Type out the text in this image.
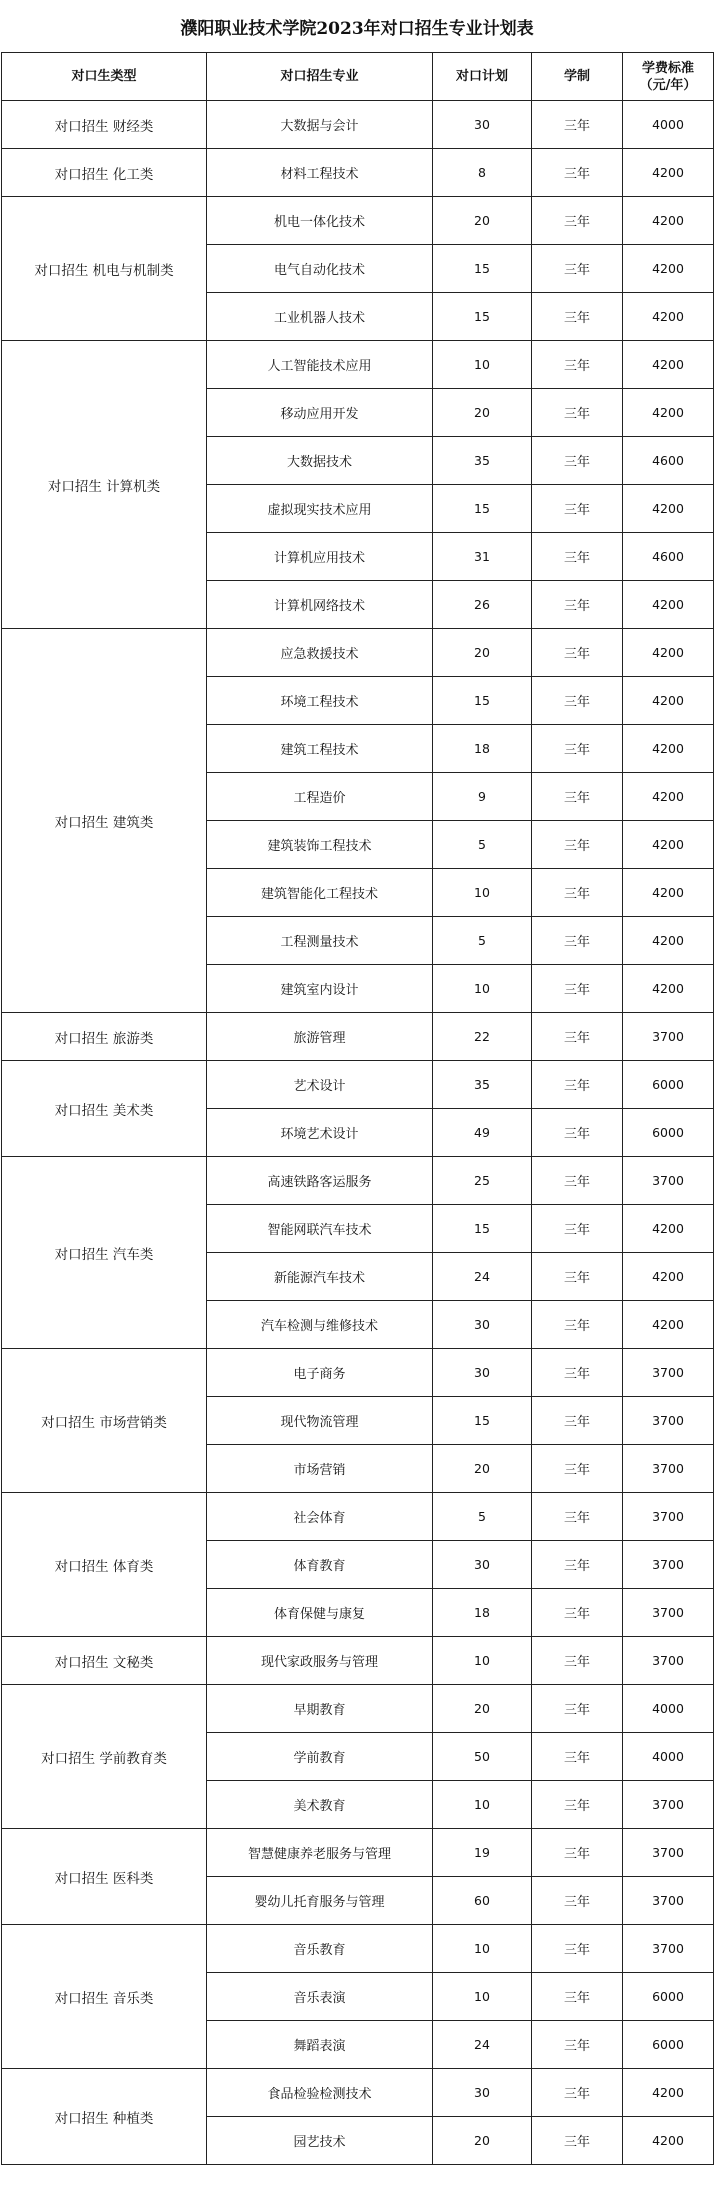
濮阳职业技术学院2023年对口招生专业计划表
对口生类型	对口招生专业	对口计划	学制	学费标准
（元/年）

对口招生 财经类	大数据与会计	30	三年	4000
对口招生 化工类	材料工程技术	8	三年	4200
对口招生 机电与机制类	机电一体化技术	20	三年	4200
	电气自动化技术	15	三年	4200
	工业机器人技术	15	三年	4200
对口招生 计算机类	人工智能技术应用	10	三年	4200
	移动应用开发	20	三年	4200
	大数据技术	35	三年	4600
	虚拟现实技术应用	15	三年	4200
	计算机应用技术	31	三年	4600
	计算机网络技术	26	三年	4200
对口招生 建筑类	应急救援技术	20	三年	4200
	环境工程技术	15	三年	4200
	建筑工程技术	18	三年	4200
	工程造价	9	三年	4200
	建筑装饰工程技术	5	三年	4200
	建筑智能化工程技术	10	三年	4200
	工程测量技术	5	三年	4200
	建筑室内设计	10	三年	4200
对口招生 旅游类	旅游管理	22	三年	3700
对口招生 美术类	艺术设计	35	三年	6000
	环境艺术设计	49	三年	6000
对口招生 汽车类	高速铁路客运服务	25	三年	3700
	智能网联汽车技术	15	三年	4200
	新能源汽车技术	24	三年	4200
	汽车检测与维修技术	30	三年	4200
对口招生 市场营销类	电子商务	30	三年	3700
	现代物流管理	15	三年	3700
	市场营销	20	三年	3700
对口招生 体育类	社会体育	5	三年	3700
	体育教育	30	三年	3700
	体育保健与康复	18	三年	3700
对口招生 文秘类	现代家政服务与管理	10	三年	3700
对口招生 学前教育类	早期教育	20	三年	4000
	学前教育	50	三年	4000
	美术教育	10	三年	3700
对口招生 医科类	智慧健康养老服务与管理	19	三年	3700
	婴幼儿托育服务与管理	60	三年	3700
对口招生 音乐类	音乐教育	10	三年	3700
	音乐表演	10	三年	6000
	舞蹈表演	24	三年	6000
对口招生 种植类	食品检验检测技术	30	三年	4200
	园艺技术	20	三年	4200
